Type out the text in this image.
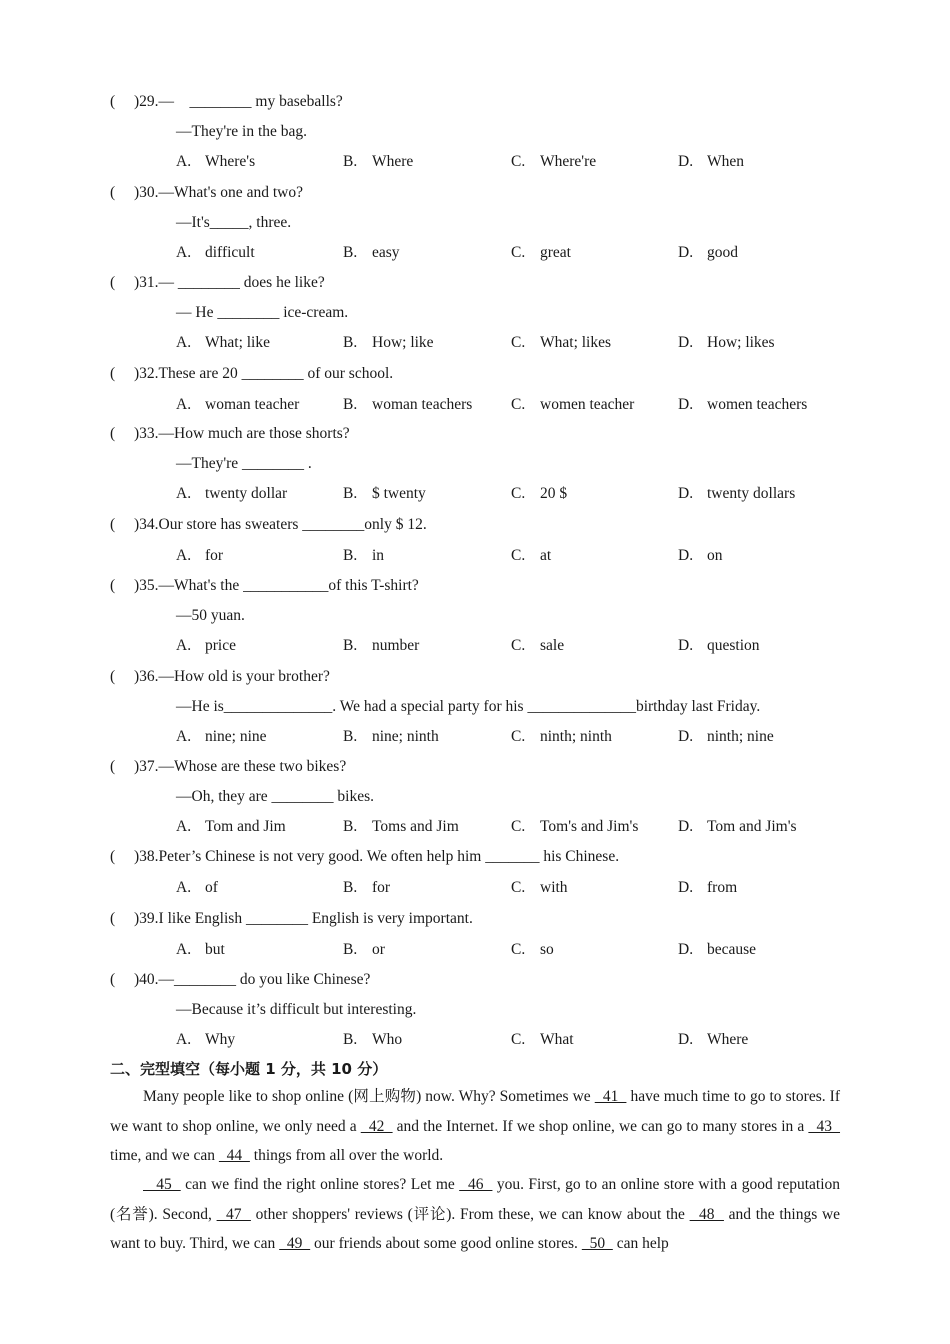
( )29.—    ________ my baseballs?
—They're in the bag.
A. Where's	B. Where	C. Where're	D. When
( )30.—What's one and two?
—It's_____, three.
A. difficult	B. easy	C. great	D. good
( )31.— ________ does he like?
— He ________ ice-cream.
A. What; like	B. How; like	C. What; likes	D. How; likes
( )32.These are 20 ________ of our school.
A. woman teacher	B. woman teachers C. women teacher	D. women teachers
( )33.—How much are those shorts?
—They're ________ .
A. twenty dollar	B. $ twenty	C. 20 $	D. twenty dollars
( )34.Our store has sweaters ________only $ 12.
A. for	B. in	C. at	D. on
( )35.—What's the ___________of this T-shirt?
—50 yuan.
A. price	B. number	C. sale	D. question
( )36.—How old is your brother?
—He is______________. We had a special party for his ______________birthday last Friday.
A. nine; nine	B. nine; ninth	C. ninth; ninth	D. ninth; nine
( )37.—Whose are these two bikes?
—Oh, they are ________ bikes.
A. Tom and Jim	B. Toms and Jim	C. Tom's and Jim's	D. Tom and Jim's
( )38.Peter’s Chinese is not very good. We often help him _______ his Chinese.
A. of	B. for	C. with	D. from
( )39.I like English ________ English is very important.
A. but	B. or	C. so	D. because
( )40.—________ do you like Chinese?
—Because it’s difficult but interesting.
A. Why	B. Who	C. What	D. Where
二、完型填空（每小题 1 分，共 10 分）
Many people like to shop online (网上购物) now. Why? Sometimes we   41   have much time to go to stores. If we want to shop online, we only need a   42   and the Internet. If we shop online, we can go to many stores in a   43   time, and we can   44   things from all over the world.
45   can we find the right online stores? Let me   46   you. First, go to an online store with a good reputation (名誉). Second,   47   other shoppers' reviews (评论). From these, we can know about the   48   and the things we want to buy. Third, we can   49   our friends about some good online stores.   50   can help
